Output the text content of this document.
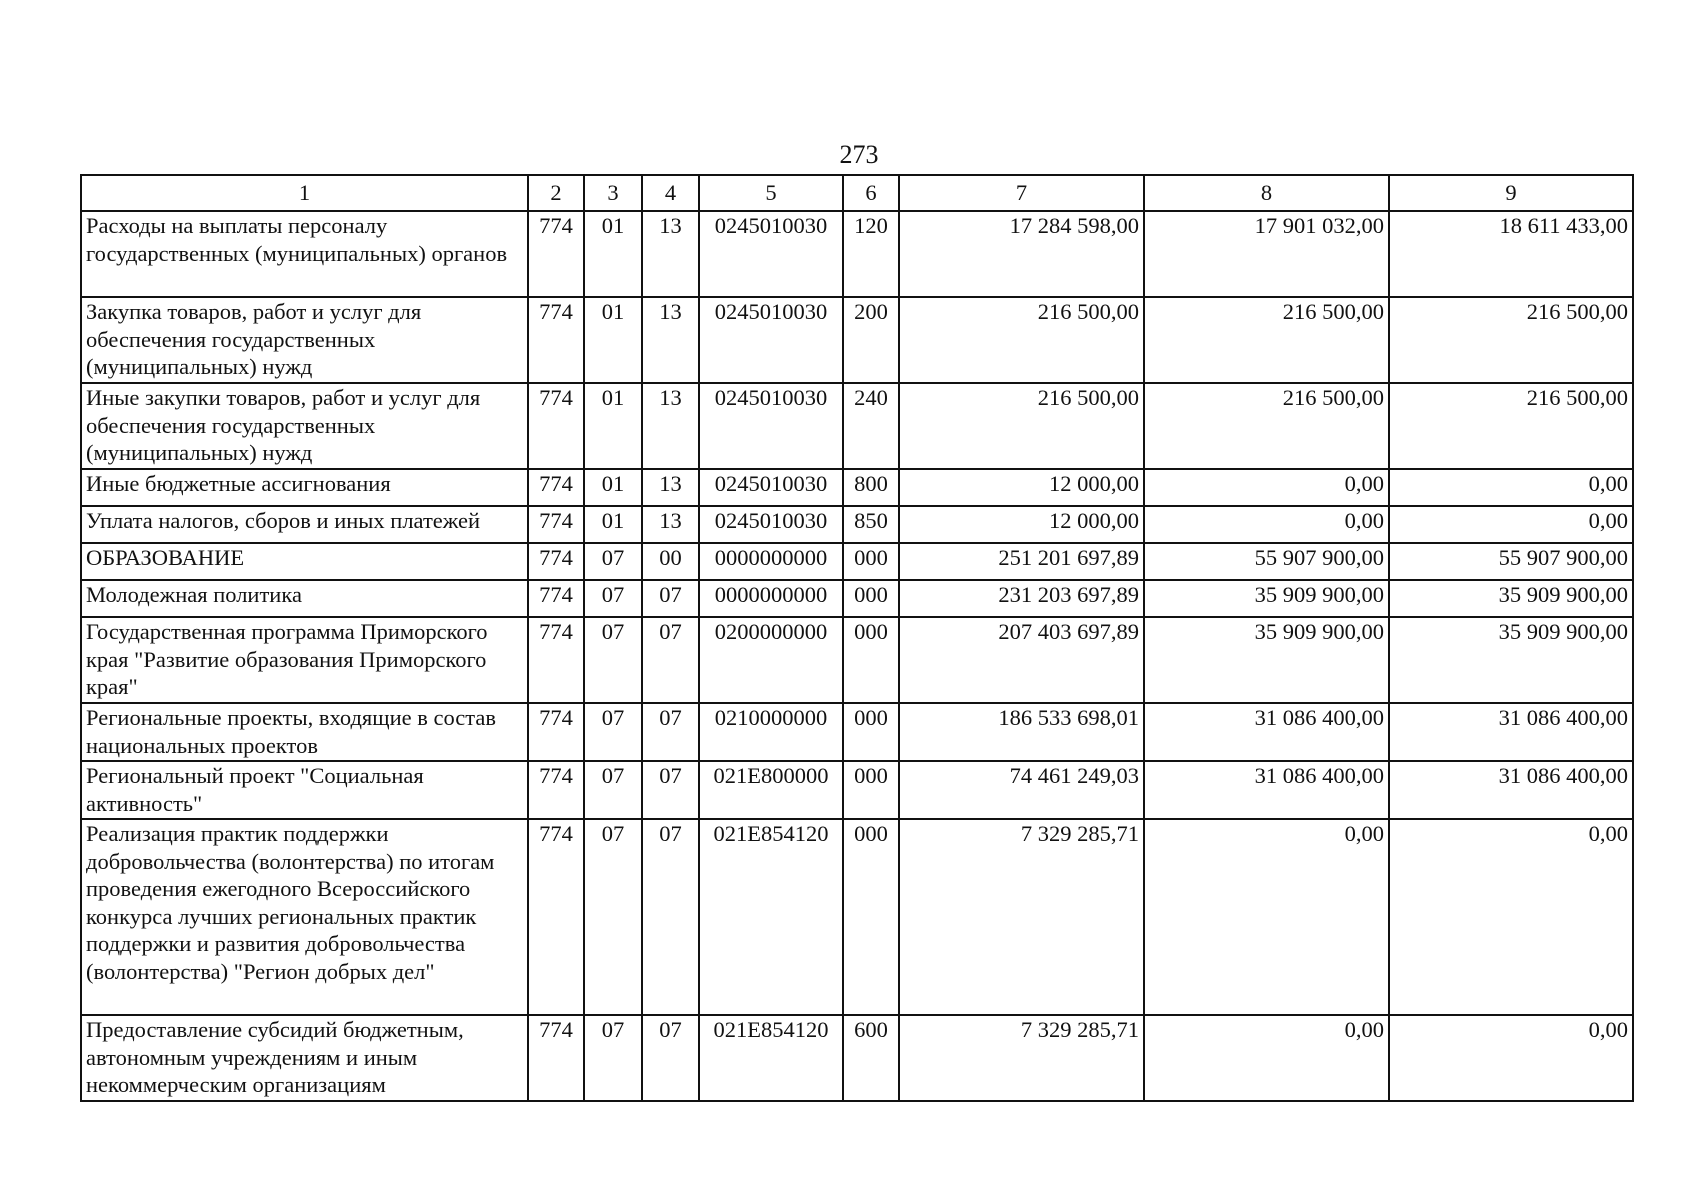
273
1	2	3	4	5	6	7	8	9
Расходы на выплаты персоналу государственных (муниципальных) органов	774	01	13	0245010030	120	17 284 598,00	17 901 032,00	18 611 433,00
Закупка товаров, работ и услуг для обеспечения государственных (муниципальных) нужд	774	01	13	0245010030	200	216 500,00	216 500,00	216 500,00
Иные закупки товаров, работ и услуг для обеспечения государственных (муниципальных) нужд	774	01	13	0245010030	240	216 500,00	216 500,00	216 500,00
Иные бюджетные ассигнования	774	01	13	0245010030	800	12 000,00	0,00	0,00
Уплата налогов, сборов и иных платежей	774	01	13	0245010030	850	12 000,00	0,00	0,00
ОБРАЗОВАНИЕ	774	07	00	0000000000	000	251 201 697,89	55 907 900,00	55 907 900,00
Молодежная политика	774	07	07	0000000000	000	231 203 697,89	35 909 900,00	35 909 900,00
Государственная программа Приморского края "Развитие образования Приморского края"	774	07	07	0200000000	000	207 403 697,89	35 909 900,00	35 909 900,00
Региональные проекты, входящие в состав национальных проектов	774	07	07	0210000000	000	186 533 698,01	31 086 400,00	31 086 400,00
Региональный проект "Социальная активность"	774	07	07	021E800000	000	74 461 249,03	31 086 400,00	31 086 400,00
Реализация практик поддержки добровольчества (волонтерства) по итогам проведения ежегодного Всероссийского конкурса лучших региональных практик поддержки и развития добровольчества (волонтерства) "Регион добрых дел"	774	07	07	021E854120	000	7 329 285,71	0,00	0,00
Предоставление субсидий бюджетным, автономным учреждениям и иным некоммерческим организациям	774	07	07	021E854120	600	7 329 285,71	0,00	0,00
